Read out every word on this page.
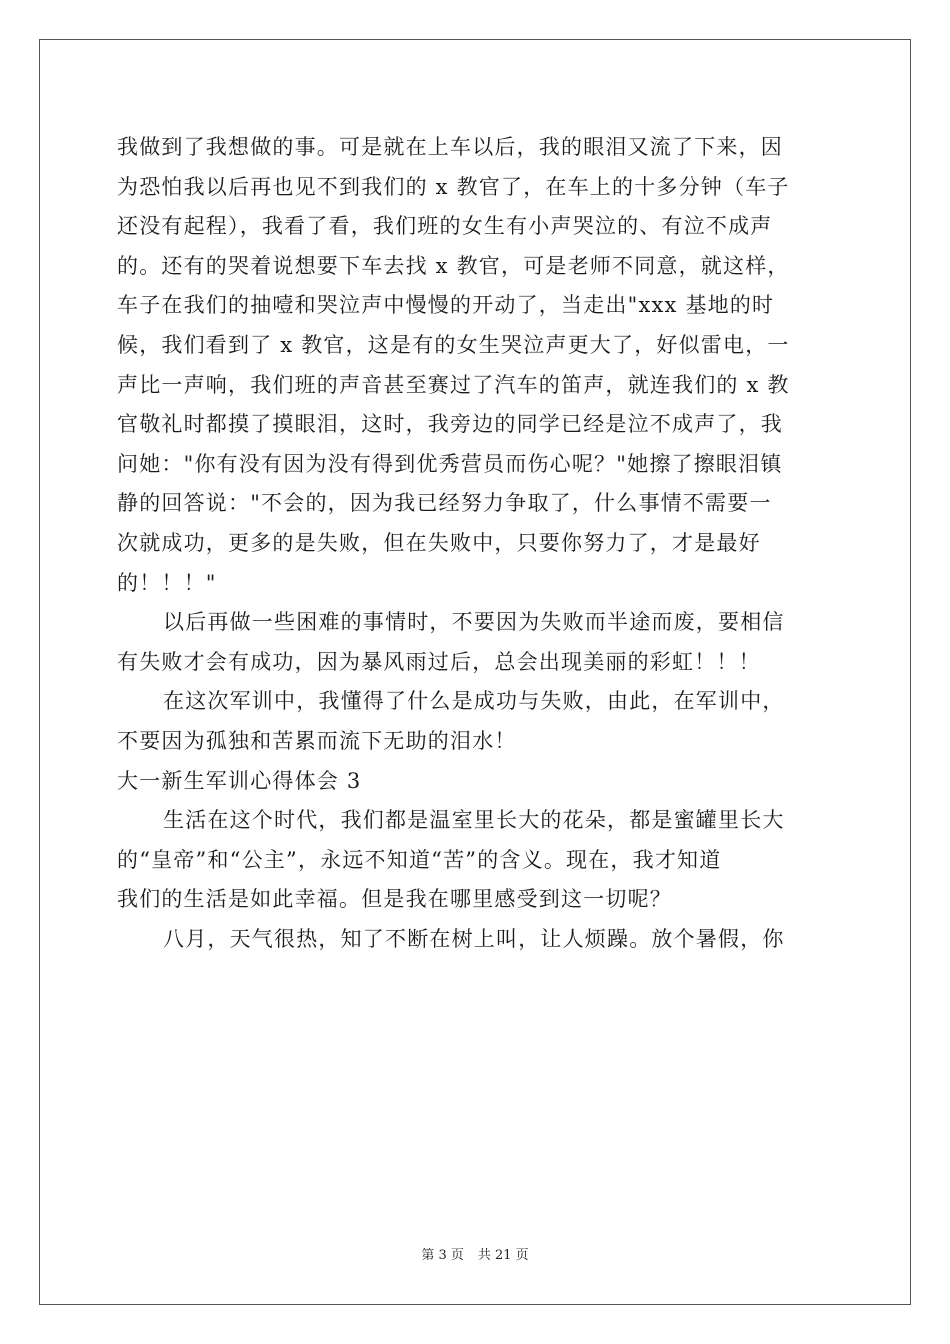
我做到了我想做的事。可是就在上车以后，我的眼泪又流了下来，因
为恐怕我以后再也见不到我们的 x 教官了，在车上的十多分钟（车子
还没有起程），我看了看，我们班的女生有小声哭泣的、有泣不成声
的。还有的哭着说想要下车去找 x 教官，可是老师不同意，就这样，
车子在我们的抽噎和哭泣声中慢慢的开动了，当走出"xxx 基地的时
候，我们看到了 x 教官，这是有的女生哭泣声更大了，好似雷电，一
声比一声响，我们班的声音甚至赛过了汽车的笛声，就连我们的 x 教
官敬礼时都摸了摸眼泪，这时，我旁边的同学已经是泣不成声了，我
问她："你有没有因为没有得到优秀营员而伤心呢？"她擦了擦眼泪镇
静的回答说："不会的，因为我已经努力争取了，什么事情不需要一
次就成功，更多的是失败，但在失败中，只要你努力了，才是最好
的！！！"
以后再做一些困难的事情时，不要因为失败而半途而废，要相信
有失败才会有成功，因为暴风雨过后，总会出现美丽的彩虹！！！
在这次军训中，我懂得了什么是成功与失败，由此，在军训中，
不要因为孤独和苦累而流下无助的泪水！
大一新生军训心得体会 3
生活在这个时代，我们都是温室里长大的花朵，都是蜜罐里长大
的“皇帝”和“公主”，永远不知道“苦”的含义。现在，我才知道
我们的生活是如此幸福。但是我在哪里感受到这一切呢？
八月，天气很热，知了不断在树上叫，让人烦躁。放个暑假，你
第 3 页 共 21 页
